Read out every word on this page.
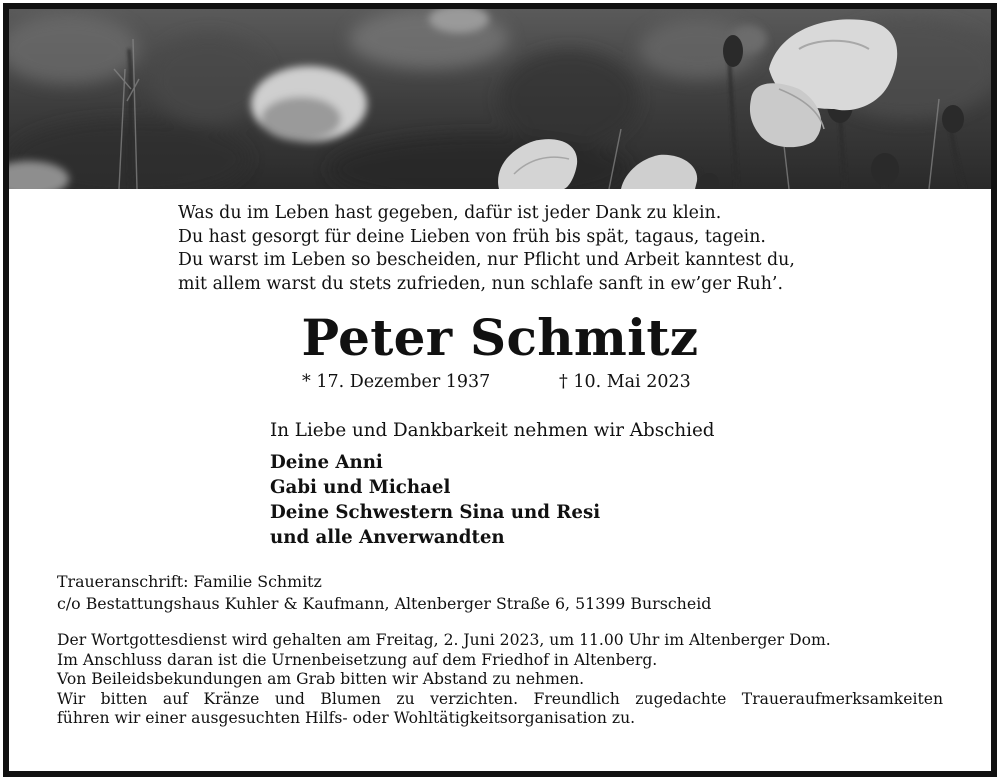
Was du im Leben hast gegeben, dafür ist jeder Dank zu klein.
Du hast gesorgt für deine Lieben von früh bis spät, tagaus, tagein.
Du warst im Leben so bescheiden, nur Pflicht und Arbeit kanntest du,
mit allem warst du stets zufrieden, nun schlafe sanft in ew’ger Ruh’.
Peter Schmitz
* 17. Dezember 1937	† 10. Mai 2023
In Liebe und Dankbarkeit nehmen wir Abschied
Deine Anni
Gabi und Michael
Deine Schwestern Sina und Resi
und alle Anverwandten
Traueranschrift: Familie Schmitz
c/o Bestattungshaus Kuhler & Kaufmann, Altenberger Straße 6, 51399 Burscheid
Der Wortgottesdienst wird gehalten am Freitag, 2. Juni 2023, um 11.00 Uhr im Altenberger Dom.
Im Anschluss daran ist die Urnenbeisetzung auf dem Friedhof in Altenberg.
Von Beileidsbekundungen am Grab bitten wir Abstand zu nehmen.
Wir bitten auf Kränze und Blumen zu verzichten. Freundlich zugedachte Traueraufmerksamkeiten
führen wir einer ausgesuchten Hilfs- oder Wohltätigkeitsorganisation zu.
